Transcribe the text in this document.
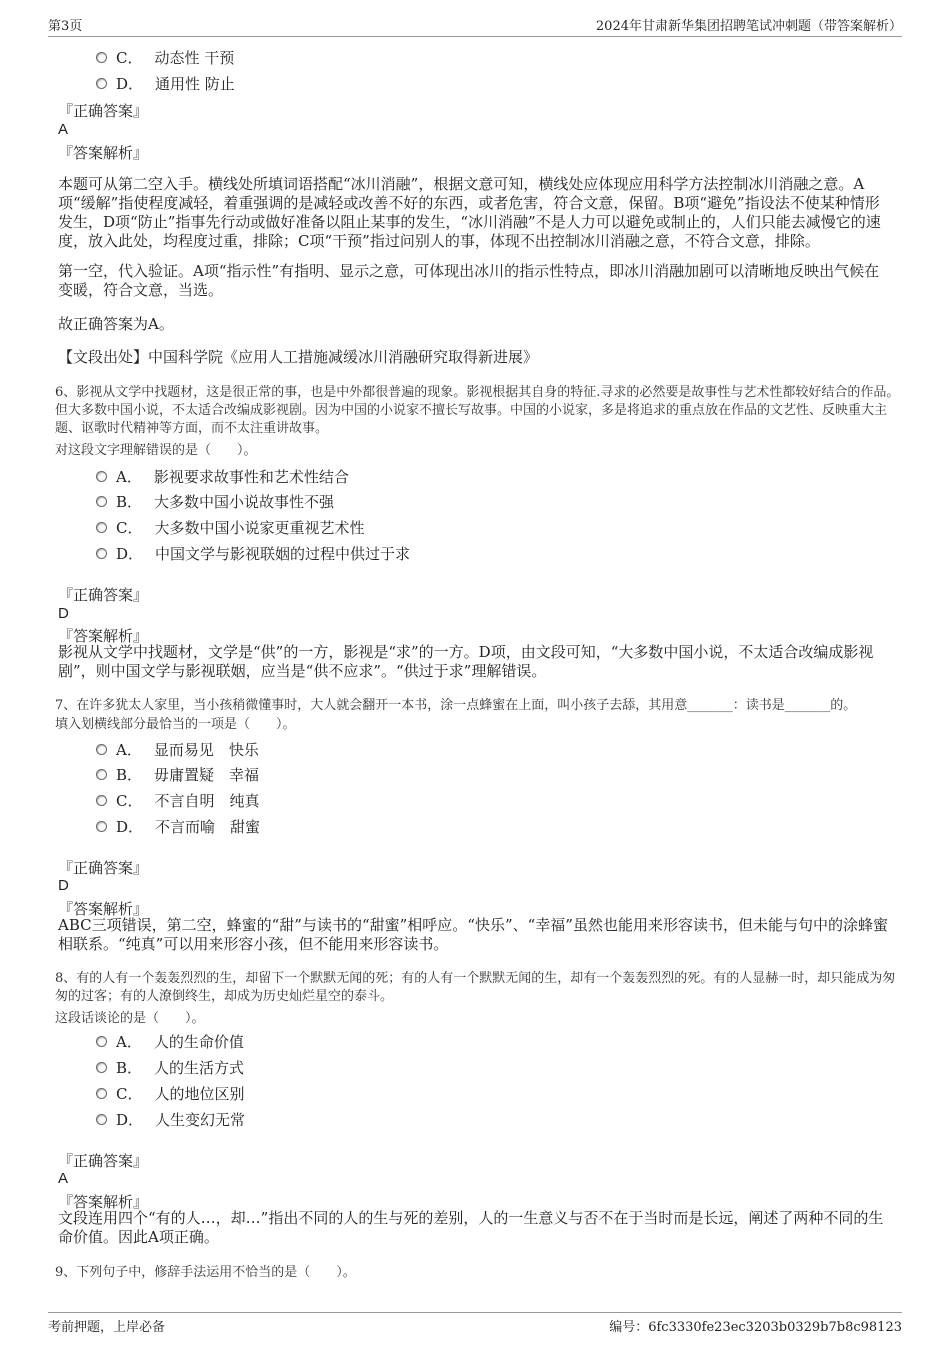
第3页	2024年甘肃新华集团招聘笔试冲刺题（带答案解析）
C． 动态性 干预
D． 通用性 防止
『正确答案』
A
『答案解析』
本题可从第二空入手。横线处所填词语搭配“冰川消融”，根据文意可知，横线处应体现应用科学方法控制冰川消融之意。A项“缓解”指使程度减轻，着重强调的是减轻或改善不好的东西，或者危害，符合文意，保留。B项“避免”指设法不使某种情形发生，D项“防止”指事先行动或做好准备以阻止某事的发生，“冰川消融”不是人力可以避免或制止的，人们只能去减慢它的速度，放入此处，均程度过重，排除；C项“干预”指过问别人的事，体现不出控制冰川消融之意，不符合文意，排除。
第一空，代入验证。A项“指示性”有指明、显示之意，可体现出冰川的指示性特点，即冰川消融加剧可以清晰地反映出气候在变暖，符合文意，当选。
故正确答案为A。
【文段出处】中国科学院《应用人工措施减缓冰川消融研究取得新进展》
6、影视从文学中找题材，这是很正常的事，也是中外都很普遍的现象。影视根据其自身的特征.寻求的必然要是故事性与艺术性都较好结合的作品。但大多数中国小说，不太适合改编成影视剧。因为中国的小说家不擅长写故事。中国的小说家，多是将追求的重点放在作品的文艺性、反映重大主题、讴歌时代精神等方面，而不太注重讲故事。
对这段文字理解错误的是（　　）。
A． 影视要求故事性和艺术性结合
B． 大多数中国小说故事性不强
C． 大多数中国小说家更重视艺术性
D． 中国文学与影视联姻的过程中供过于求
『正确答案』
D
『答案解析』
影视从文学中找题材，文学是“供”的一方，影视是“求”的一方。D项，由文段可知，“大多数中国小说，不太适合改编成影视剧”，则中国文学与影视联姻，应当是“供不应求”。“供过于求”理解错误。
7、在许多犹太人家里，当小孩稍微懂事时，大人就会翻开一本书，涂一点蜂蜜在上面，叫小孩子去舔，其用意_______：读书是_______的。
填入划横线部分最恰当的一项是（　　）。
A． 显而易见　快乐
B． 毋庸置疑　幸福
C． 不言自明　纯真
D． 不言而喻　甜蜜
『正确答案』
D
『答案解析』
ABC三项错误，第二空，蜂蜜的“甜”与读书的“甜蜜”相呼应。“快乐”、“幸福”虽然也能用来形容读书，但未能与句中的涂蜂蜜相联系。“纯真”可以用来形容小孩，但不能用来形容读书。
8、有的人有一个轰轰烈烈的生，却留下一个默默无闻的死；有的人有一个默默无闻的生，却有一个轰轰烈烈的死。有的人显赫一时，却只能成为匆匆的过客；有的人潦倒终生，却成为历史灿烂星空的泰斗。
这段话谈论的是（　　）。
A． 人的生命价值
B． 人的生活方式
C． 人的地位区别
D． 人生变幻无常
『正确答案』
A
『答案解析』
文段连用四个“有的人…，却…”指出不同的人的生与死的差别，人的一生意义与否不在于当时而是长远，阐述了两种不同的生命价值。因此A项正确。
9、下列句子中，修辞手法运用不恰当的是（　　）。
考前押题，上岸必备	编号：6fc3330fe23ec3203b0329b7b8c98123
